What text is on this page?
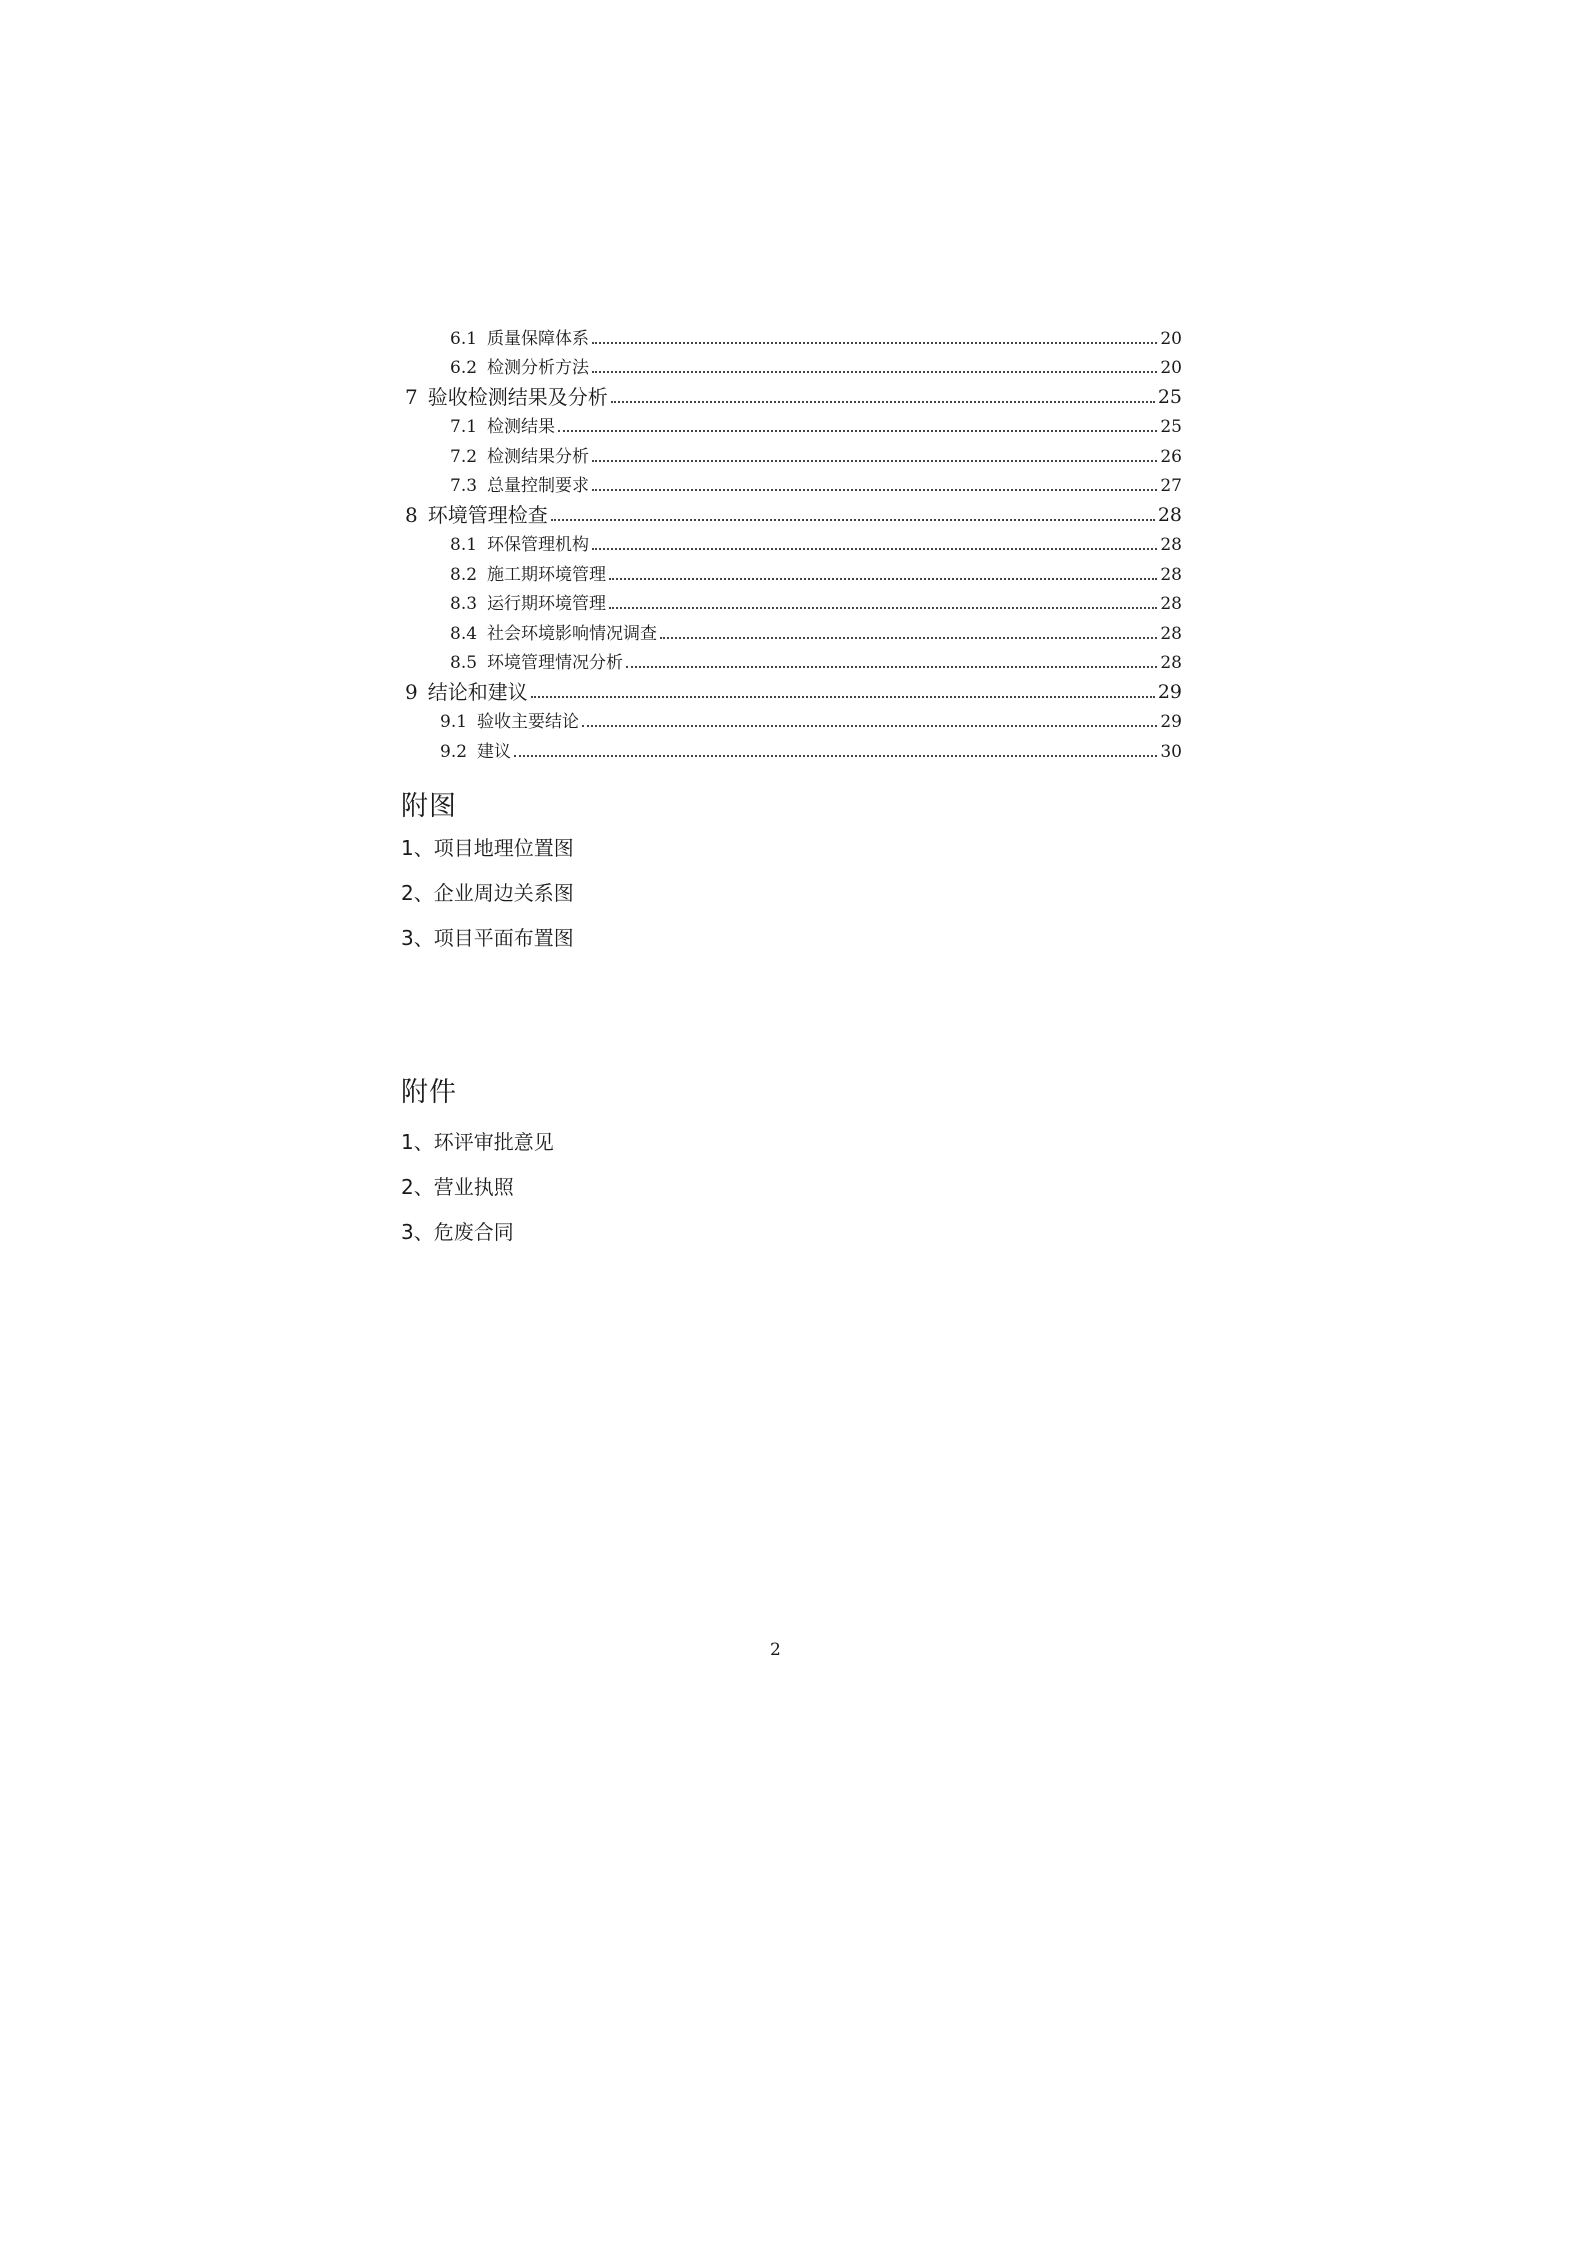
6.1 质量保障体系	20
6.2 检测分析方法	20
7 验收检测结果及分析	25
7.1 检测结果	25
7.2 检测结果分析	26
7.3 总量控制要求	27
8 环境管理检查	28
8.1 环保管理机构	28
8.2 施工期环境管理	28
8.3 运行期环境管理	28
8.4 社会环境影响情况调查	28
8.5 环境管理情况分析	28
9 结论和建议	29
9.1 验收主要结论	29
9.2 建议	30
附图
1、项目地理位置图
2、企业周边关系图
3、项目平面布置图
附件
1、环评审批意见
2、营业执照
3、危废合同
2
